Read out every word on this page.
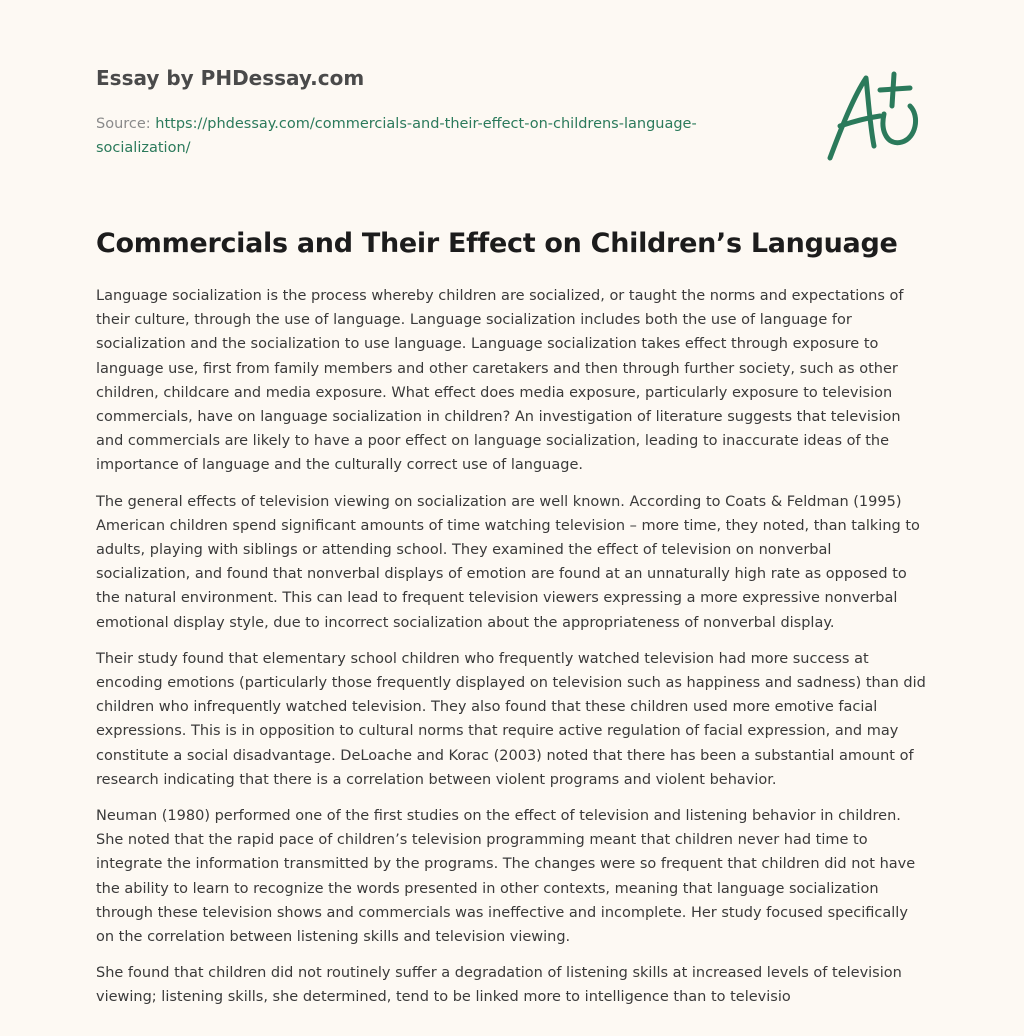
Essay by PHDessay.com
Source: https://phdessay.com/commercials-and-their-effect-on-childrens-language-socialization/
Commercials and Their Effect on Children’s Language

Language socialization is the process whereby children are socialized, or taught the norms and expectations of their culture, through the use of language. Language socialization includes both the use of language for socialization and the socialization to use language. Language socialization takes effect through exposure to language use, first from family members and other caretakers and then through further society, such as other children, childcare and media exposure. What effect does media exposure, particularly exposure to television commercials, have on language socialization in children? An investigation of literature suggests that television and commercials are likely to have a poor effect on language socialization, leading to inaccurate ideas of the importance of language and the culturally correct use of language.

The general effects of television viewing on socialization are well known. According to Coats & Feldman (1995) American children spend significant amounts of time watching television – more time, they noted, than talking to adults, playing with siblings or attending school. They examined the effect of television on nonverbal socialization, and found that nonverbal displays of emotion are found at an unnaturally high rate as opposed to the natural environment. This can lead to frequent television viewers expressing a more expressive nonverbal emotional display style, due to incorrect socialization about the appropriateness of nonverbal display.

Their study found that elementary school children who frequently watched television had more success at encoding emotions (particularly those frequently displayed on television such as happiness and sadness) than did children who infrequently watched television. They also found that these children used more emotive facial expressions. This is in opposition to cultural norms that require active regulation of facial expression, and may constitute a social disadvantage. DeLoache and Korac (2003) noted that there has been a substantial amount of research indicating that there is a correlation between violent programs and violent behavior.

Neuman (1980) performed one of the first studies on the effect of television and listening behavior in children. She noted that the rapid pace of children’s television programming meant that children never had time to integrate the information transmitted by the programs. The changes were so frequent that children did not have the ability to learn to recognize the words presented in other contexts, meaning that language socialization through these television shows and commercials was ineffective and incomplete. Her study focused specifically on the correlation between listening skills and television viewing.

She found that children did not routinely suffer a degradation of listening skills at increased levels of television viewing; listening skills, she determined, tend to be linked more to intelligence than to televisio
